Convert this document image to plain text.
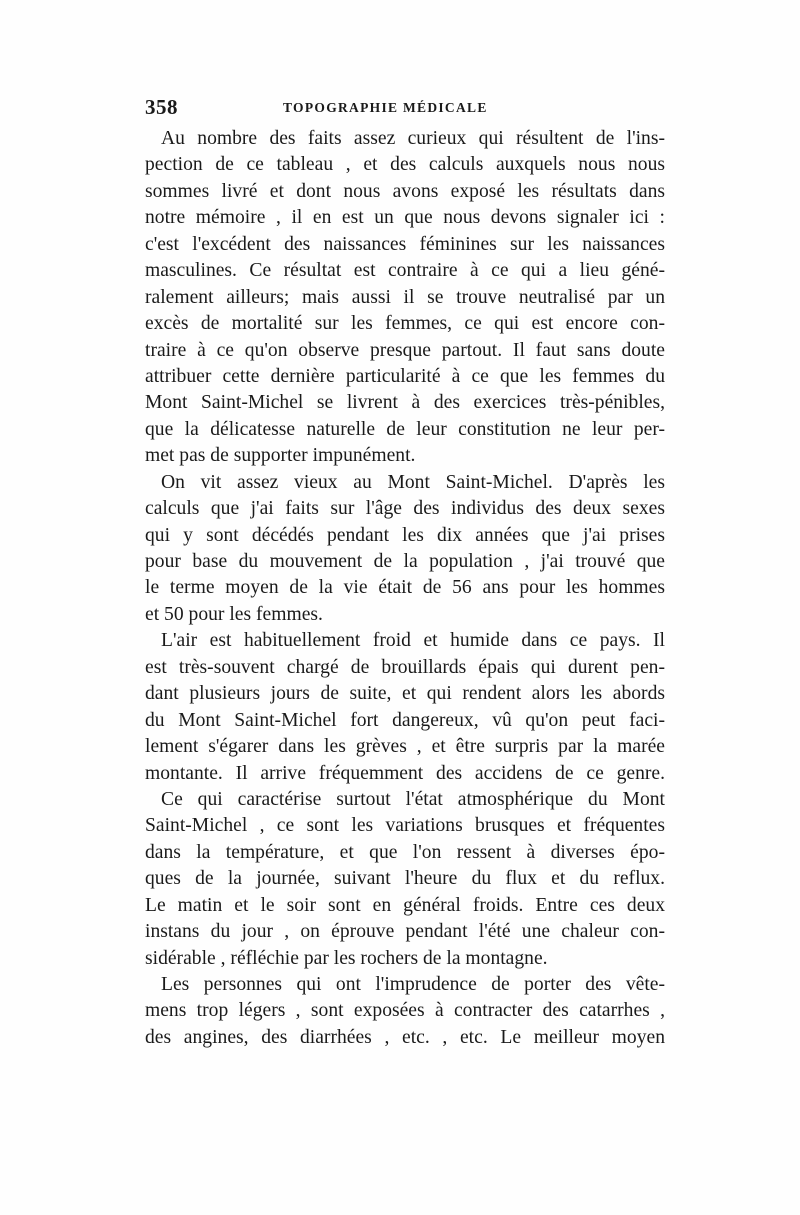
358	TOPOGRAPHIE MÉDICALE
Au nombre des faits assez curieux qui résultent de l'ins-
pection de ce tableau , et des calculs auxquels nous nous
sommes livré et dont nous avons exposé les résultats dans
notre mémoire , il en est un que nous devons signaler ici :
c'est l'excédent des naissances féminines sur les naissances
masculines. Ce résultat est contraire à ce qui a lieu géné-
ralement ailleurs; mais aussi il se trouve neutralisé par un
excès de mortalité sur les femmes, ce qui est encore con-
traire à ce qu'on observe presque partout. Il faut sans doute
attribuer cette dernière particularité à ce que les femmes du
Mont Saint-Michel se livrent à des exercices très-pénibles,
que la délicatesse naturelle de leur constitution ne leur per-
met pas de supporter impunément.
On vit assez vieux au Mont Saint-Michel. D'après les
calculs que j'ai faits sur l'âge des individus des deux sexes
qui y sont décédés pendant les dix années que j'ai prises
pour base du mouvement de la population , j'ai trouvé que
le terme moyen de la vie était de 56 ans pour les hommes
et 50 pour les femmes.
L'air est habituellement froid et humide dans ce pays. Il
est très-souvent chargé de brouillards épais qui durent pen-
dant plusieurs jours de suite, et qui rendent alors les abords
du Mont Saint-Michel fort dangereux, vû qu'on peut faci-
lement s'égarer dans les grèves , et être surpris par la marée
montante. Il arrive fréquemment des accidens de ce genre.
Ce qui caractérise surtout l'état atmosphérique du Mont
Saint-Michel , ce sont les variations brusques et fréquentes
dans la température, et que l'on ressent à diverses épo-
ques de la journée, suivant l'heure du flux et du reflux.
Le matin et le soir sont en général froids. Entre ces deux
instans du jour , on éprouve pendant l'été une chaleur con-
sidérable , réfléchie par les rochers de la montagne.
Les personnes qui ont l'imprudence de porter des vête-
mens trop légers , sont exposées à contracter des catarrhes ,
des angines, des diarrhées , etc. , etc. Le meilleur moyen
